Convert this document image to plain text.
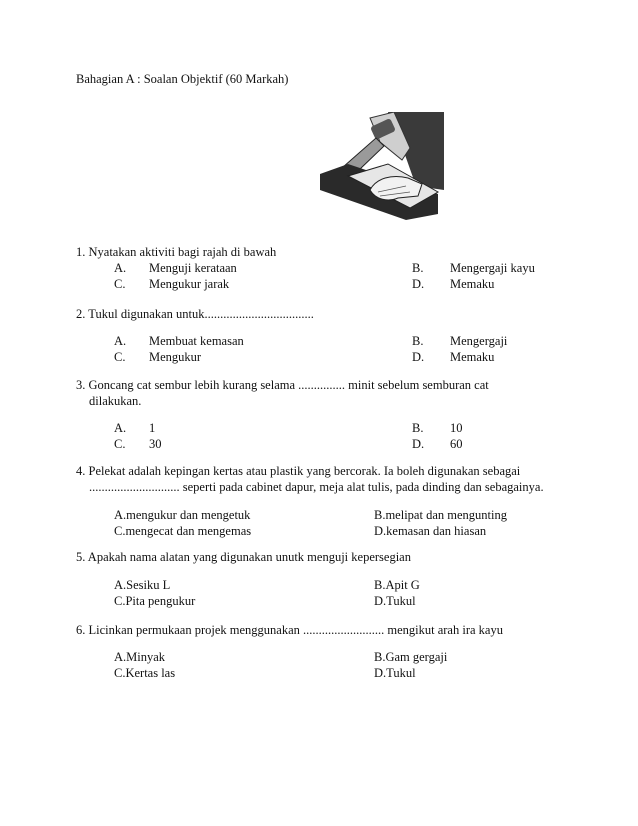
Bahagian A : Soalan Objektif (60 Markah)
1. Nyatakan aktiviti bagi rajah di bawah
A. Menguji kerataan	B. Mengergaji kayu
C. Mengukur jarak	D. Memaku
2. Tukul digunakan untuk...................................
A. Membuat kemasan	B. Mengergaji
C. Mengukur	D. Memaku
3. Goncang cat sembur lebih kurang selama ............... minit sebelum semburan cat
dilakukan.
A. 1	B. 10
C. 30	D. 60
4. Pelekat adalah kepingan kertas atau plastik yang bercorak. Ia boleh digunakan sebagai
............................. seperti pada cabinet dapur, meja alat tulis, pada dinding dan sebagainya.
A.mengukur dan mengetuk	B.melipat dan mengunting
C.mengecat dan mengemas	D.kemasan dan hiasan
5. Apakah nama alatan yang digunakan unutk menguji kepersegian
A.Sesiku L	B.Apit G
C.Pita pengukur	D.Tukul
6. Licinkan permukaan projek menggunakan .......................... mengikut arah ira kayu
A.Minyak	B.Gam gergaji
C.Kertas las	D.Tukul
